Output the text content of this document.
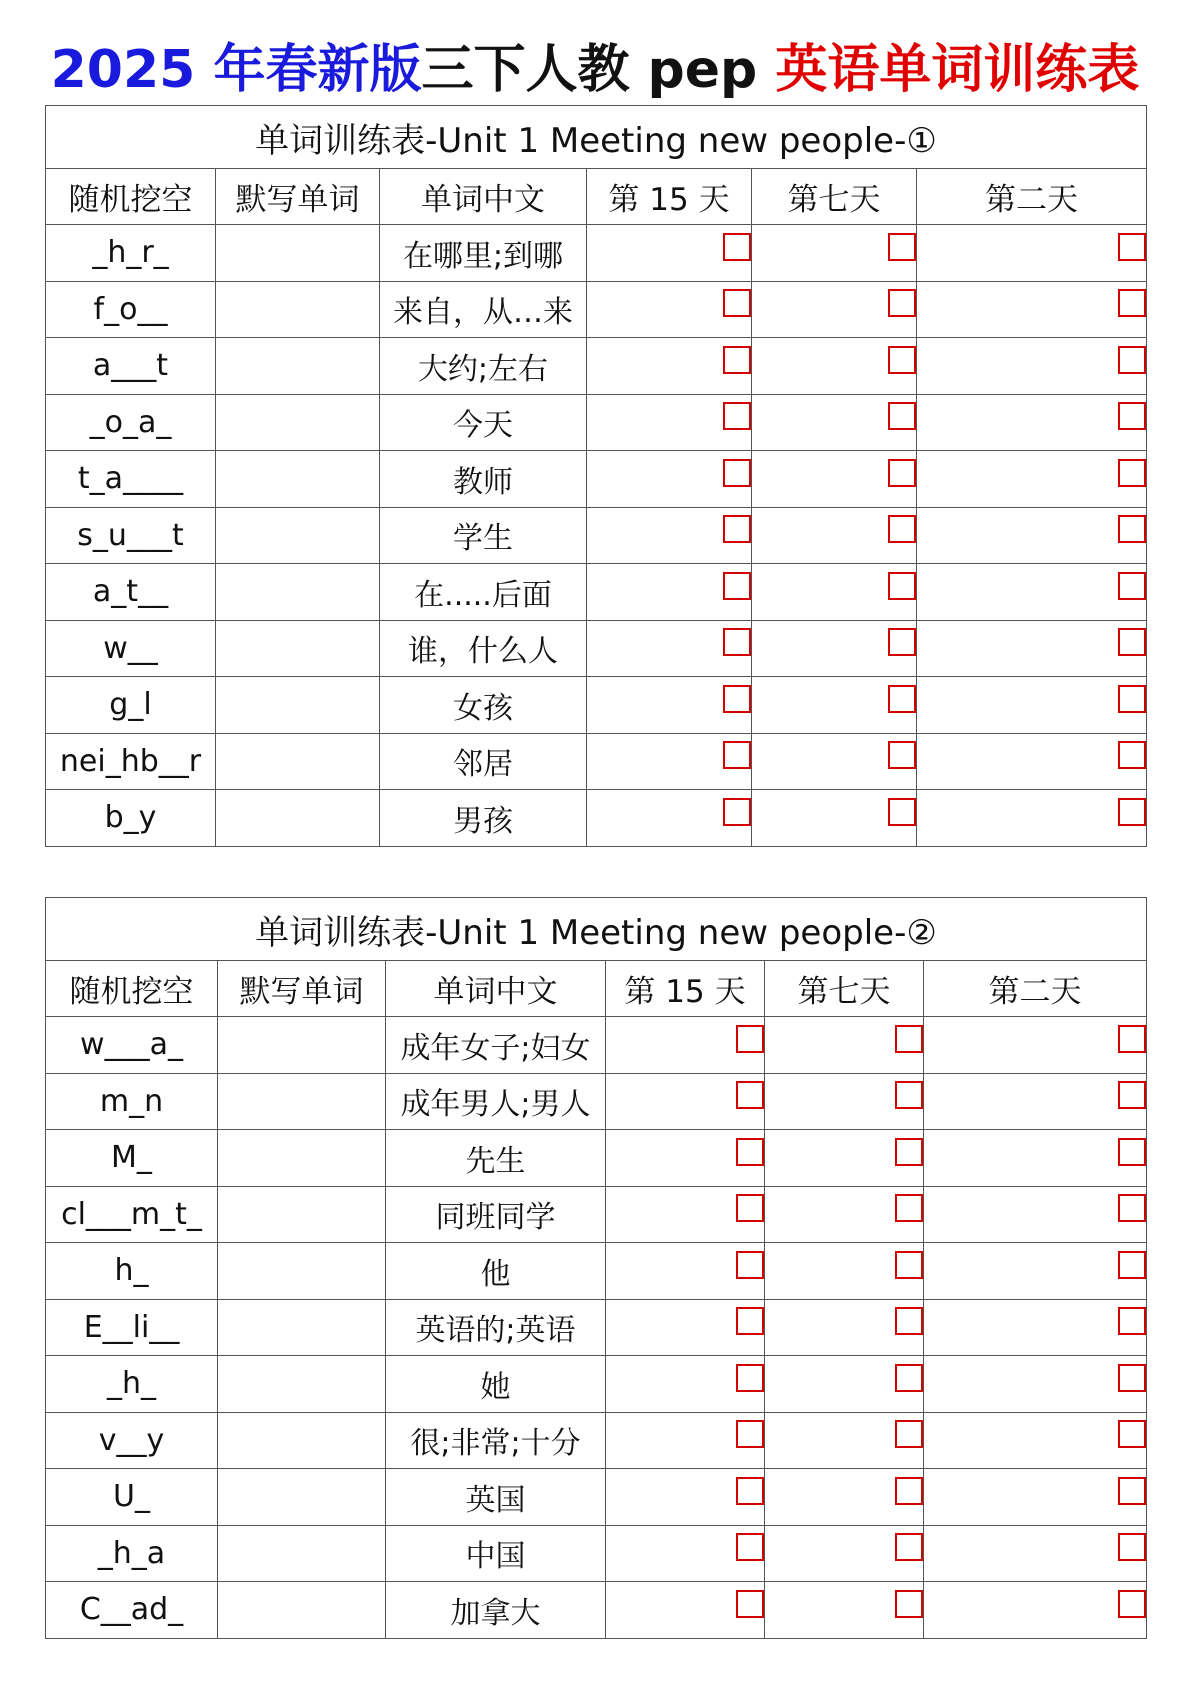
2025 年春新版三下人教 pep 英语单词训练表
单词训练表-Unit 1 Meeting new people-①					
随机挖空	默写单词	单词中文	第 15 天	第七天	第二天
_h_r_		在哪里;到哪			
f_o__		来自，从…来			
a___t		大约;左右			
_o_a_		今天			
t_a____		教师			
s_u___t		学生			
a_t__		在.....后面			
w__		谁，什么人			
g_l		女孩			
nei_hb__r		邻居			
b_y		男孩			
单词训练表-Unit 1 Meeting new people-②					
随机挖空	默写单词	单词中文	第 15 天	第七天	第二天
w___a_		成年女子;妇女			
m_n		成年男人;男人			
M_		先生			
cl___m_t_		同班同学			
h_		他			
E__li__		英语的;英语			
_h_		她			
v__y		很;非常;十分			
U_		英国			
_h_a		中国			
C__ad_		加拿大			
